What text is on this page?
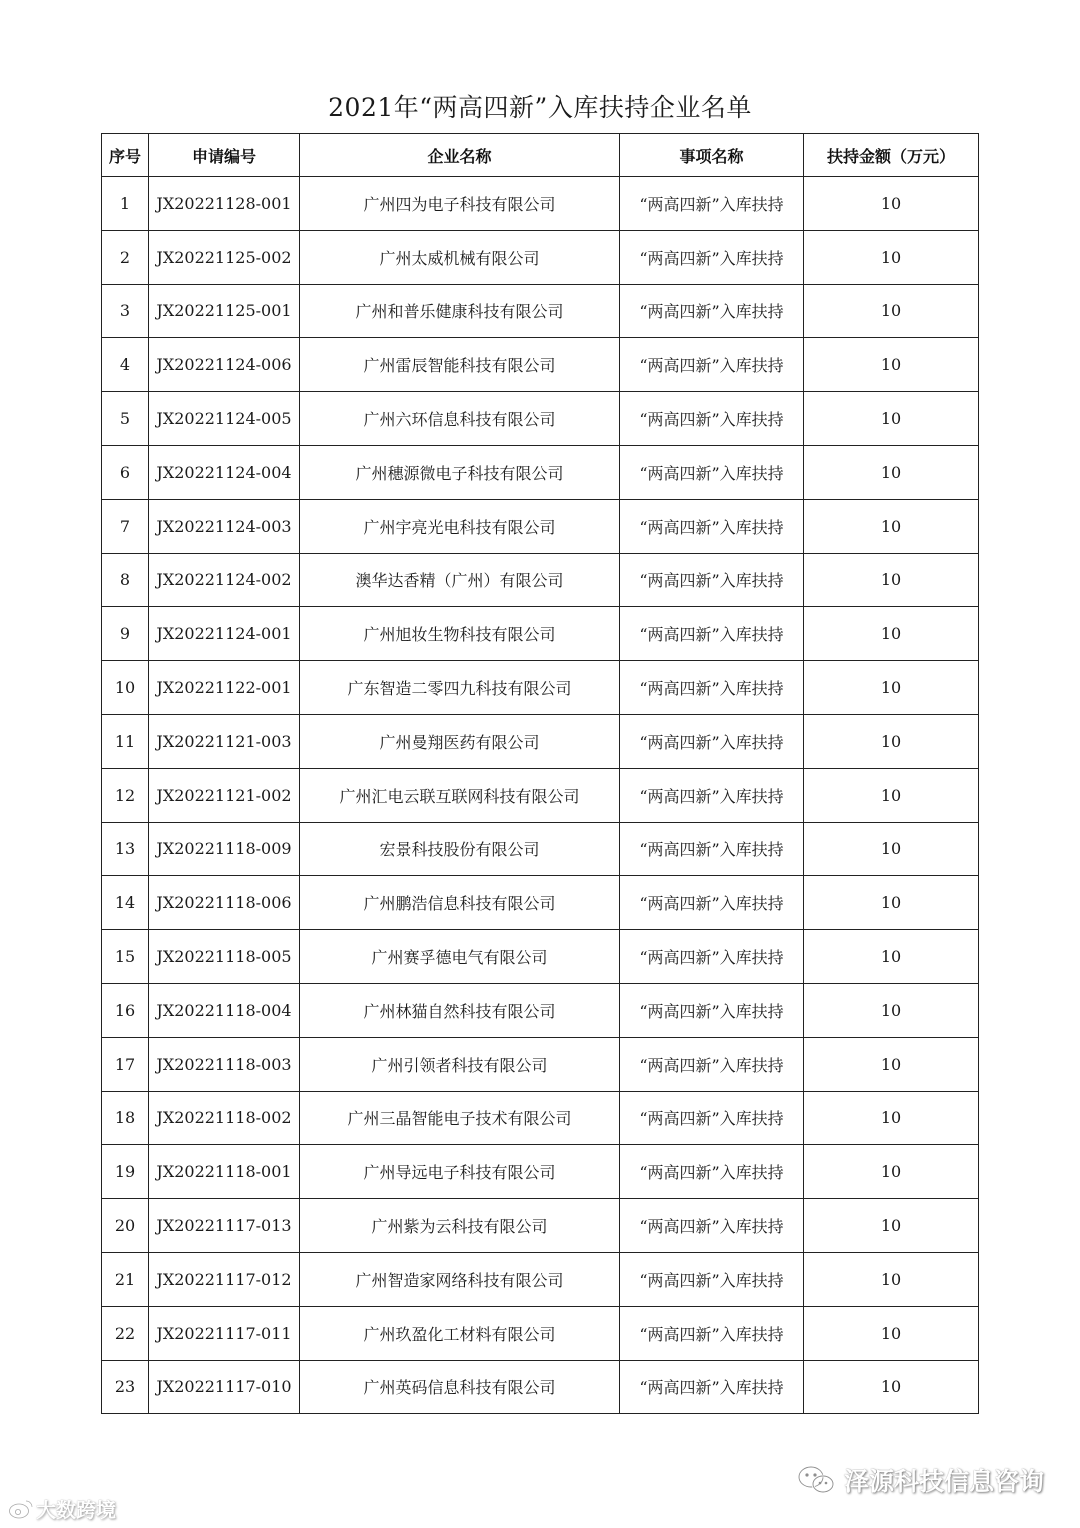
2021年“两高四新”入库扶持企业名单
序号	申请编号	企业名称	事项名称	扶持金额（万元）
1	JX20221128-001	广州四为电子科技有限公司	“两高四新”入库扶持	10
2	JX20221125-002	广州太威机械有限公司	“两高四新”入库扶持	10
3	JX20221125-001	广州和普乐健康科技有限公司	“两高四新”入库扶持	10
4	JX20221124-006	广州雷辰智能科技有限公司	“两高四新”入库扶持	10
5	JX20221124-005	广州六环信息科技有限公司	“两高四新”入库扶持	10
6	JX20221124-004	广州穗源微电子科技有限公司	“两高四新”入库扶持	10
7	JX20221124-003	广州宇亮光电科技有限公司	“两高四新”入库扶持	10
8	JX20221124-002	澳华达香精（广州）有限公司	“两高四新”入库扶持	10
9	JX20221124-001	广州旭妆生物科技有限公司	“两高四新”入库扶持	10
10	JX20221122-001	广东智造二零四九科技有限公司	“两高四新”入库扶持	10
11	JX20221121-003	广州曼翔医药有限公司	“两高四新”入库扶持	10
12	JX20221121-002	广州汇电云联互联网科技有限公司	“两高四新”入库扶持	10
13	JX20221118-009	宏景科技股份有限公司	“两高四新”入库扶持	10
14	JX20221118-006	广州鹏浩信息科技有限公司	“两高四新”入库扶持	10
15	JX20221118-005	广州赛孚德电气有限公司	“两高四新”入库扶持	10
16	JX20221118-004	广州林猫自然科技有限公司	“两高四新”入库扶持	10
17	JX20221118-003	广州引领者科技有限公司	“两高四新”入库扶持	10
18	JX20221118-002	广州三晶智能电子技术有限公司	“两高四新”入库扶持	10
19	JX20221118-001	广州导远电子科技有限公司	“两高四新”入库扶持	10
20	JX20221117-013	广州紫为云科技有限公司	“两高四新”入库扶持	10
21	JX20221117-012	广州智造家网络科技有限公司	“两高四新”入库扶持	10
22	JX20221117-011	广州玖盈化工材料有限公司	“两高四新”入库扶持	10
23	JX20221117-010	广州英码信息科技有限公司	“两高四新”入库扶持	10
大数跨境
泽源科技信息咨询
